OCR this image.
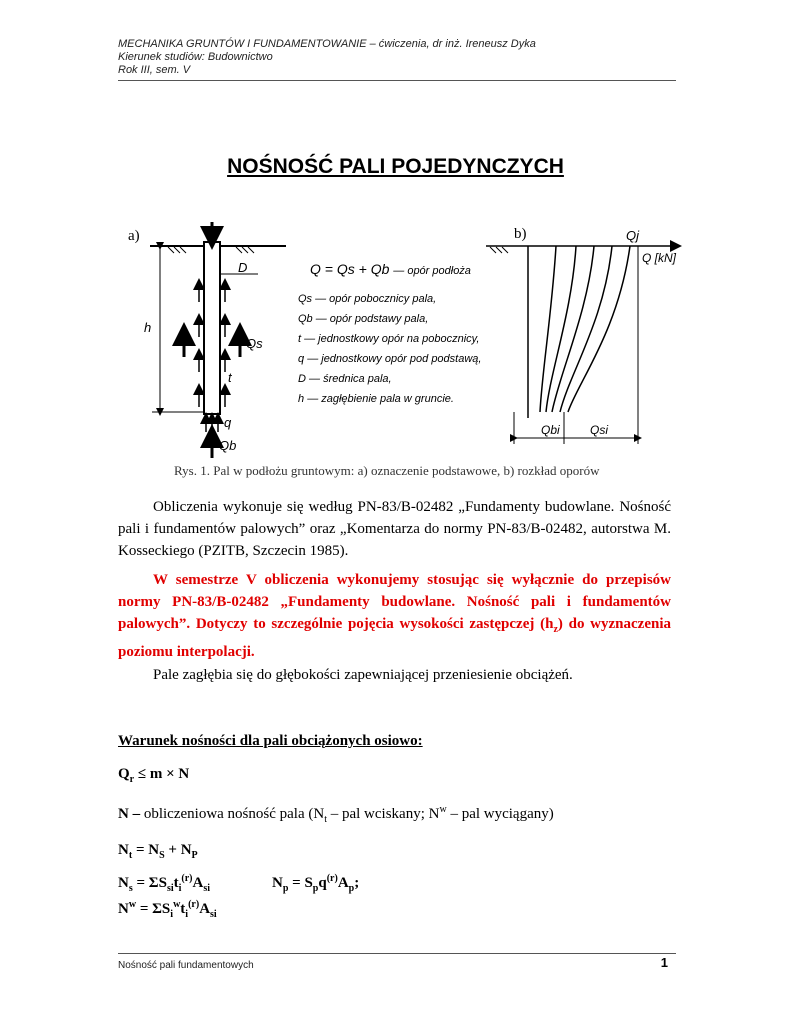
MECHANIKA GRUNTÓW I FUNDAMENTOWANIE – ćwiczenia, dr inż. Ireneusz Dyka
Kierunek studiów: Budownictwo
Rok III, sem. V
NOŚNOŚĆ PALI POJEDYNCZYCH
a)
D
h
Qs
t
q
Qb
Q = Qs + Qb — opór podłoża
Qs — opór pobocznicy pala,
Qb — opór podstawy pala,
t — jednostkowy opór na pobocznicy,
q — jednostkowy opór pod podstawą,
D — średnica pala,
h — zagłębienie pala w gruncie.
b)	Qj
Q [kN]
Qbi	Qsi
Rys. 1. Pal w podłożu gruntowym: a) oznaczenie podstawowe, b) rozkład oporów
Obliczenia wykonuje się według PN-83/B-02482 „Fundamenty budowlane. Nośność pali i fundamentów palowych” oraz „Komentarza do normy PN-83/B-02482, autorstwa M. Kosseckiego (PZITB, Szczecin 1985).
W semestrze V obliczenia wykonujemy stosując się wyłącznie do przepisów normy PN-83/B-02482 „Fundamenty budowlane. Nośność pali i fundamentów palowych”. Dotyczy to szczególnie pojęcia wysokości zastępczej $(h_z)$ do wyznaczenia poziomu interpolacji.
Pale zagłębia się do głębokości zapewniającej przeniesienie obciążeń.
Warunek nośności dla pali obciążonych osiowo:
$Q_r \le m \times N$
N – obliczeniowa nośność pala ($N_t$ – pal wciskany; $N^w$ – pal wyciągany)
$N_t = N_S + N_P$
$N_s = \Sigma S_{si}t_i^{(r)}A_{si}$	$N_p = S_pq^{(r)}A_p$;
$N^w = \Sigma S_i^wt_i^{(r)}A_{si}$
Nośność pali fundamentowych	1
